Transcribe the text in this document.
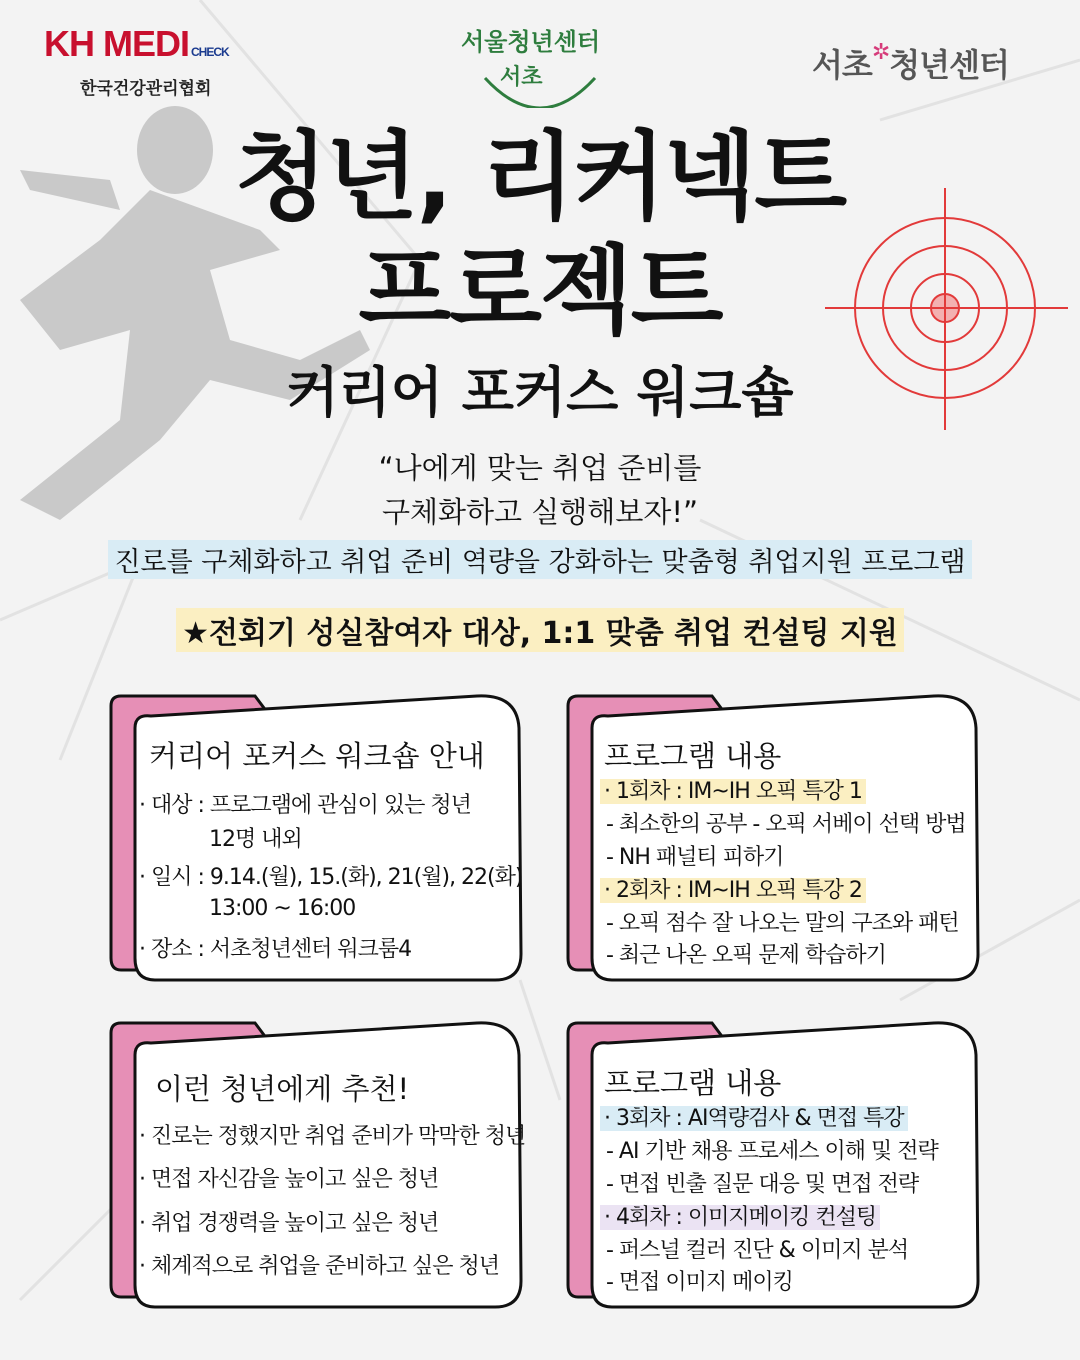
KH MEDI CHECK
한국건강관리협회
서울청년센터
서초	서초✲청년센터
청년, 리커넥트
프로젝트
커리어 포커스 워크숍
“나에게 맞는 취업 준비를
구체화하고 실행해보자!”
진로를 구체화하고 취업 준비 역량을 강화하는 맞춤형 취업지원 프로그램
★전회기 성실참여자 대상, 1:1 맞춤 취업 컨설팅 지원
커리어 포커스 워크숍 안내
· 대상 : 프로그램에 관심이 있는 청년
12명 내외
· 일시 : 9.14.(월), 15.(화), 21(월), 22(화)
13:00 ~ 16:00
· 장소 : 서초청년센터 워크룸4
프로그램 내용
· 1회차 : IM~IH 오픽 특강 1
- 최소한의 공부 - 오픽 서베이 선택 방법
- NH 패널티 피하기
· 2회차 : IM~IH 오픽 특강 2
- 오픽 점수 잘 나오는 말의 구조와 패턴
- 최근 나온 오픽 문제 학습하기
이런 청년에게 추천!
· 진로는 정했지만 취업 준비가 막막한 청년
· 면접 자신감을 높이고 싶은 청년
· 취업 경쟁력을 높이고 싶은 청년
· 체계적으로 취업을 준비하고 싶은 청년
프로그램 내용
· 3회차 : AI역량검사 & 면접 특강
- AI 기반 채용 프로세스 이해 및 전략
- 면접 빈출 질문 대응 및 면접 전략
· 4회차 : 이미지메이킹 컨설팅
- 퍼스널 컬러 진단 & 이미지 분석
- 면접 이미지 메이킹
